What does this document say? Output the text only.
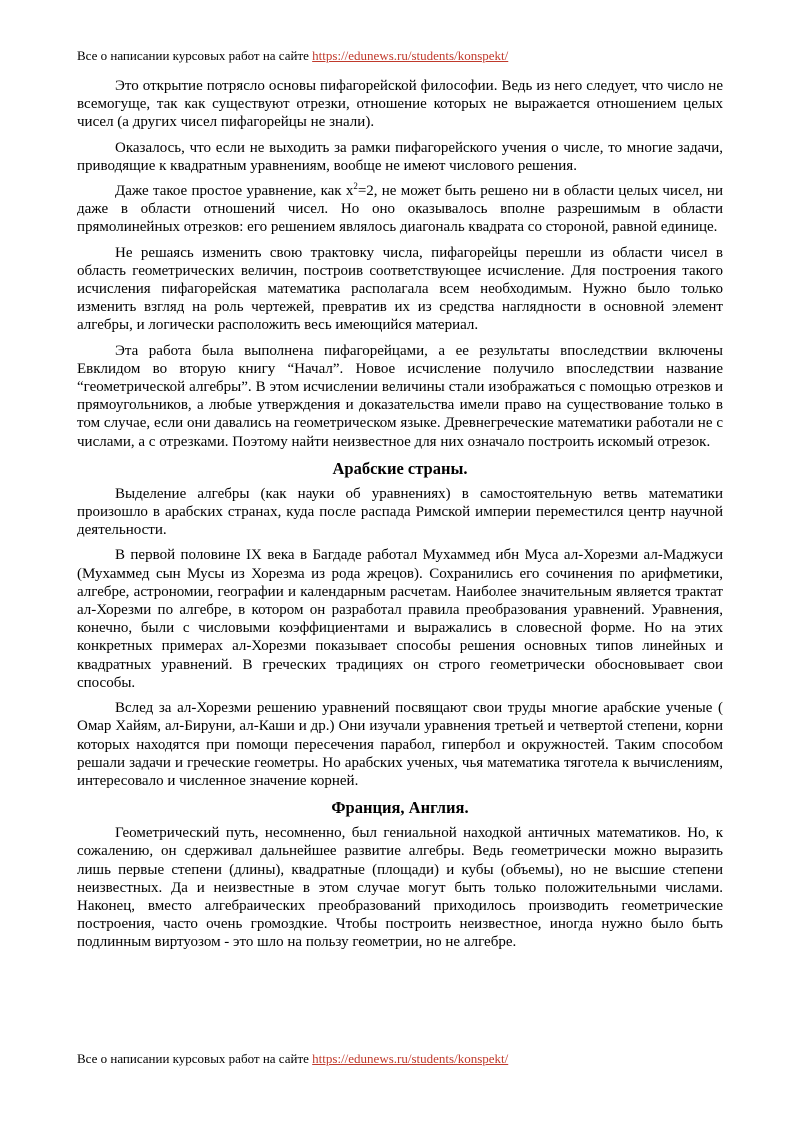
Все о написании курсовых работ на сайте https://edunews.ru/students/konspekt/

Это открытие потрясло основы пифагорейской философии. Ведь из него следует, что число не всемогуще, так как существуют отрезки, отношение которых не выражается отношением целых чисел (а других чисел пифагорейцы не знали).

Оказалось, что если не выходить за рамки пифагорейского учения о числе, то многие задачи, приводящие к квадратным уравнениям, вообще не имеют числового решения.

Даже такое простое уравнение, как $x^2=2$, не может быть решено ни в области целых чисел, ни даже в области отношений чисел. Но оно оказывалось вполне разрешимым в области прямолинейных отрезков: его решением являлось диагональ квадрата со стороной, равной единице.

Не решаясь изменить свою трактовку числа, пифагорейцы перешли из области чисел в область геометрических величин, построив соответствующее исчисление. Для построения такого исчисления пифагорейская математика располагала всем необходимым. Нужно было только изменить взгляд на роль чертежей, превратив их из средства наглядности в основной элемент алгебры, и логически расположить весь имеющийся материал.

Эта работа была выполнена пифагорейцами, а ее результаты впоследствии включены Евклидом во вторую книгу “Начал”. Новое исчисление получило впоследствии название “геометрической алгебры”. В этом исчислении величины стали изображаться с помощью отрезков и прямоугольников, а любые утверждения и доказательства имели право на существование только в том случае, если они давались на геометрическом языке. Древнегреческие математики работали не с числами, а с отрезками. Поэтому найти неизвестное для них означало построить искомый отрезок.

Арабские страны.

Выделение алгебры (как науки об уравнениях) в самостоятельную ветвь математики произошло в арабских странах, куда после распада Римской империи переместился центр научной деятельности.

В первой половине IX века в Багдаде работал Мухаммед ибн Муса ал-Хорезми ал-Маджуси (Мухаммед сын Мусы из Хорезма из рода жрецов). Сохранились его сочинения по арифметики, алгебре, астрономии, географии и календарным расчетам. Наиболее значительным является трактат ал-Хорезми по алгебре, в котором он разработал правила преобразования уравнений. Уравнения, конечно, были с числовыми коэффициентами и выражались в словесной форме. Но на этих конкретных примерах ал-Хорезми показывает способы решения основных типов линейных и квадратных уравнений. В греческих традициях он строго геометрически обосновывает свои способы.

Вслед за ал-Хорезми решению уравнений посвящают свои труды многие арабские ученые ( Омар Хайям, ал-Бируни, ал-Каши и др.) Они изучали уравнения третьей и четвертой степени, корни которых находятся при помощи пересечения парабол, гипербол и окружностей. Таким способом решали задачи и греческие геометры. Но арабских ученых, чья математика тяготела к вычислениям, интересовало и численное значение корней.

Франция, Англия.

Геометрический путь, несомненно, был гениальной находкой античных математиков. Но, к сожалению, он сдерживал дальнейшее развитие алгебры. Ведь геометрически можно выразить лишь первые степени (длины), квадратные (площади) и кубы (объемы), но не высшие степени неизвестных. Да и неизвестные в этом случае могут быть только положительными числами. Наконец, вместо алгебраических преобразований приходилось производить геометрические построения, часто очень громоздкие. Чтобы построить неизвестное, иногда нужно было быть подлинным виртуозом - это шло на пользу геометрии, но не алгебре.

Все о написании курсовых работ на сайте https://edunews.ru/students/konspekt/
